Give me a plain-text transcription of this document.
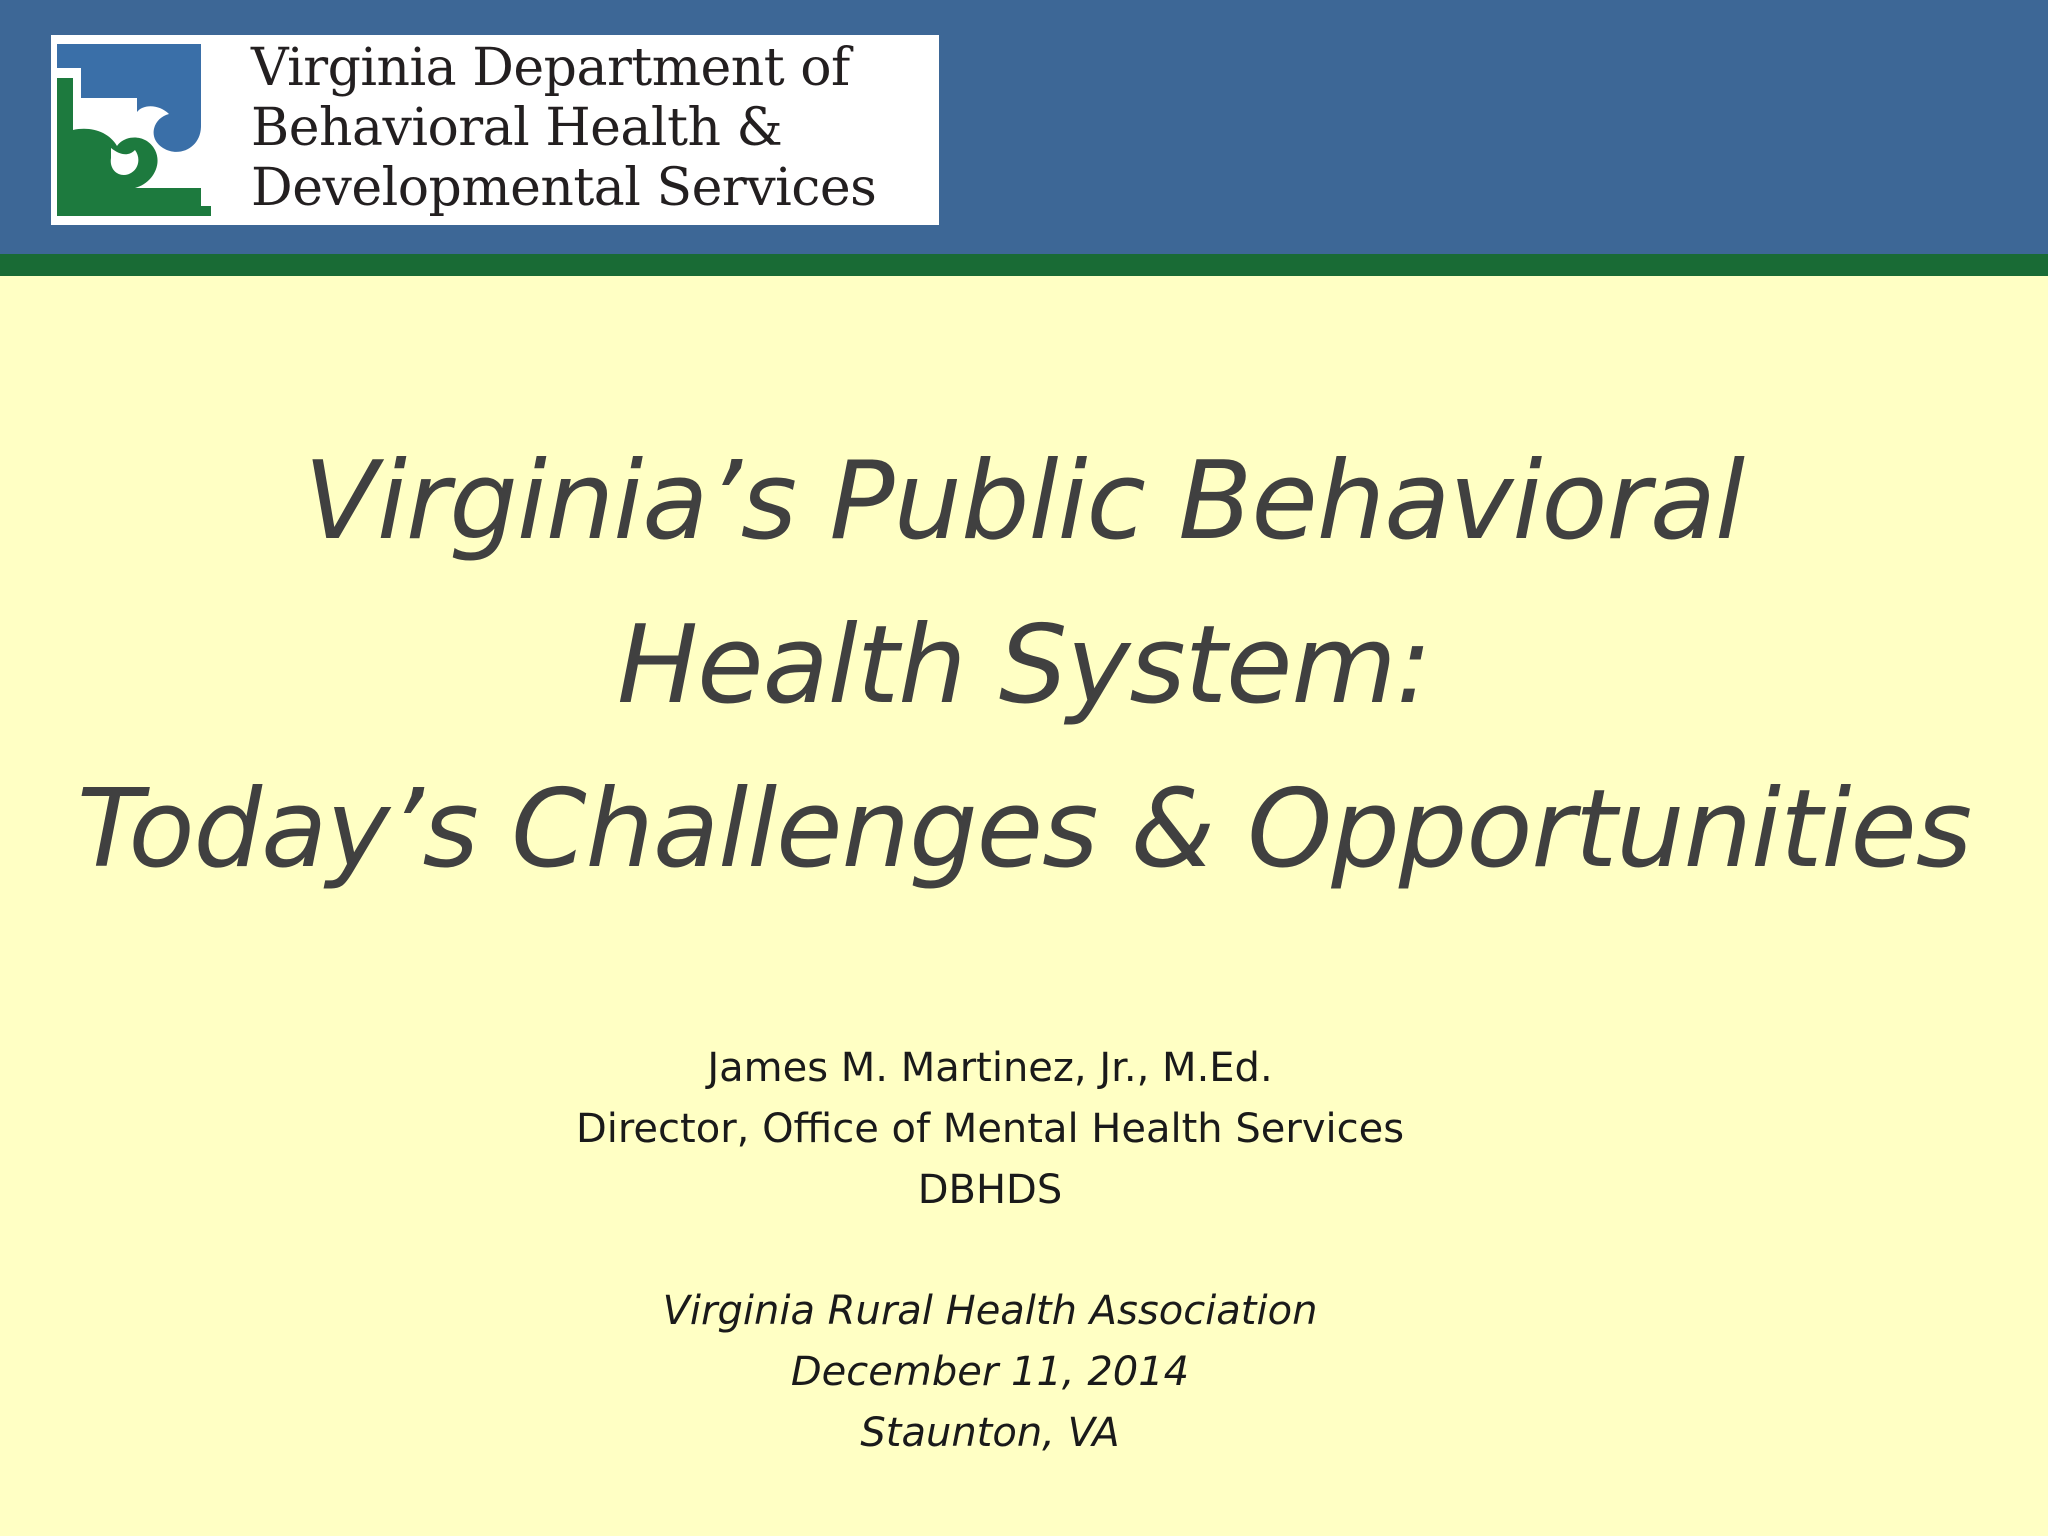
Virginia Department of
Behavioral Health &
Developmental Services
Virginia’s Public Behavioral
Health System:
Today’s Challenges & Opportunities
James M. Martinez, Jr., M.Ed.
Director, Office of Mental Health Services
DBHDS
Virginia Rural Health Association
December 11, 2014
Staunton, VA
